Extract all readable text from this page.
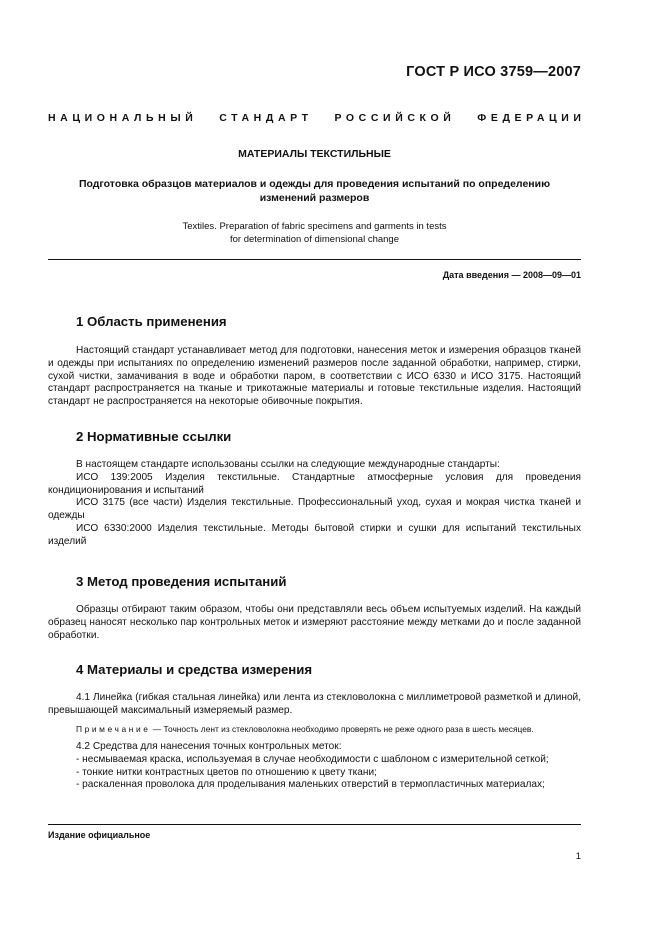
ГОСТ Р ИСО 3759—2007
НАЦИОНАЛЬНЫЙ СТАНДАРТ РОССИЙСКОЙ ФЕДЕРАЦИИ
МАТЕРИАЛЫ ТЕКСТИЛЬНЫЕ
Подготовка образцов материалов и одежды для проведения испытаний по определению изменений размеров
Textiles. Preparation of fabric specimens and garments in tests
for determination of dimensional change
Дата введения — 2008—09—01
1 Область применения

Настоящий стандарт устанавливает метод для подготовки, нанесения меток и измерения образцов тканей и одежды при испытаниях по определению изменений размеров после заданной обработки, например, стирки, сухой чистки, замачивания в воде и обработки паром, в соответствии с ИСО 6330 и ИСО 3175. Настоящий стандарт распространяется на тканые и трикотажные материалы и готовые текстильные изделия. Настоящий стандарт не распространяется на некоторые обивочные покрытия.

2 Нормативные ссылки

В настоящем стандарте использованы ссылки на следующие международные стандарты:

ИСО 139:2005 Изделия текстильные. Стандартные атмосферные условия для проведения кондиционирования и испытаний

ИСО 3175 (все части) Изделия текстильные. Профессиональный уход, сухая и мокрая чистка тканей и одежды

ИСО 6330:2000 Изделия текстильные. Методы бытовой стирки и сушки для испытаний текстильных изделий

3 Метод проведения испытаний

Образцы отбирают таким образом, чтобы они представляли весь объем испытуемых изделий. На каждый образец наносят несколько пар контрольных меток и измеряют расстояние между метками до и после заданной обработки.

4 Материалы и средства измерения

4.1 Линейка (гибкая стальная линейка) или лента из стекловолокна с миллиметровой разметкой и длиной, превышающей максимальный измеряемый размер.

Примечание — Точность лент из стекловолокна необходимо проверять не реже одного раза в шесть месяцев.

4.2 Средства для нанесения точных контрольных меток:

- несмываемая краска, используемая в случае необходимости с шаблоном с измерительной сеткой;

- тонкие нитки контрастных цветов по отношению к цвету ткани;

- раскаленная проволока для проделывания маленьких отверстий в термопластичных материалах;

Издание официальное
1
